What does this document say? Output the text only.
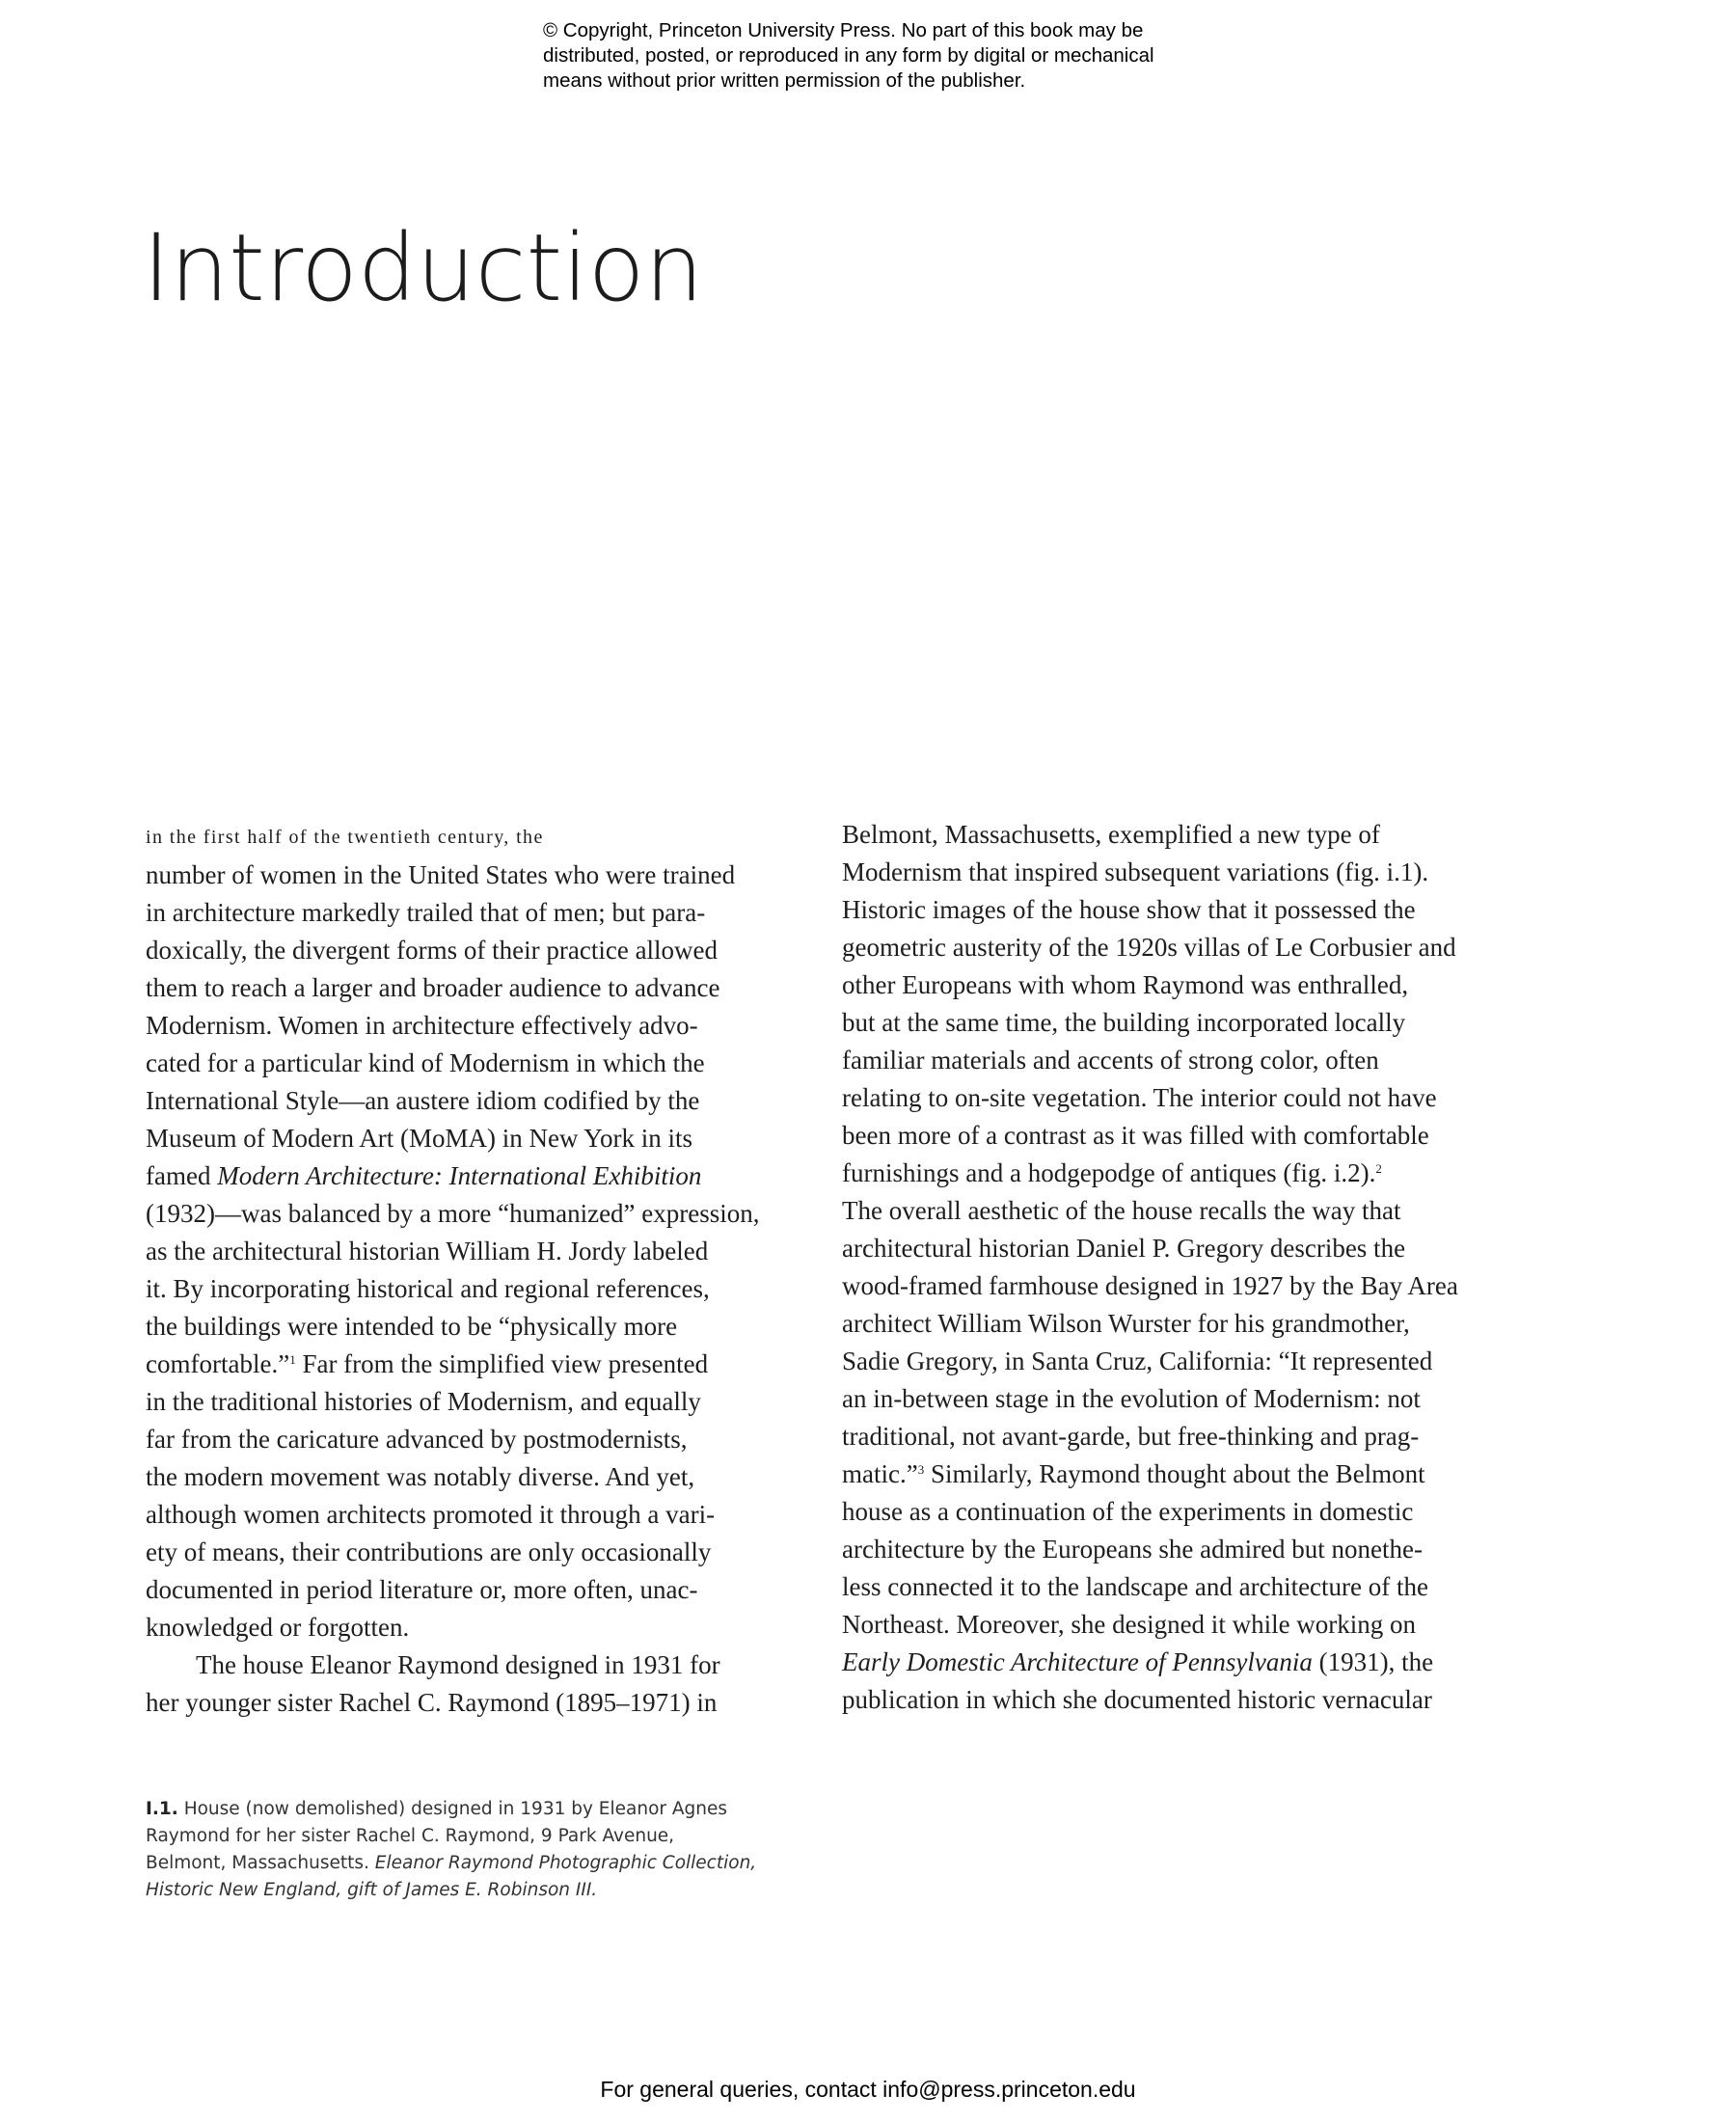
© Copyright, Princeton University Press. No part of this book may be
distributed, posted, or reproduced in any form by digital or mechanical
means without prior written permission of the publisher.
Introduction
in the first half of the twentieth century, the
number of women in the United States who were trained
in architecture markedly trailed that of men; but para-
doxically, the divergent forms of their practice allowed
them to reach a larger and broader audience to advance
Modernism. Women in architecture effectively advo-
cated for a particular kind of Modernism in which the
International Style—an austere idiom codified by the
Museum of Modern Art (MoMA) in New York in its
famed Modern Architecture: International Exhibition
(1932)—was balanced by a more “humanized” expression,
as the architectural historian William H. Jordy labeled
it. By incorporating historical and regional references,
the buildings were intended to be “physically more
comfortable.”$^1$ Far from the simplified view presented
in the traditional histories of Modernism, and equally
far from the caricature advanced by postmodernists,
the modern movement was notably diverse. And yet,
although women architects promoted it through a vari-
ety of means, their contributions are only occasionally
documented in period literature or, more often, unac-
knowledged or forgotten.
The house Eleanor Raymond designed in 1931 for
her younger sister Rachel C. Raymond (1895–1971) in
Belmont, Massachusetts, exemplified a new type of
Modernism that inspired subsequent variations (fig. i.1).
Historic images of the house show that it possessed the
geometric austerity of the 1920s villas of Le Corbusier and
other Europeans with whom Raymond was enthralled,
but at the same time, the building incorporated locally
familiar materials and accents of strong color, often
relating to on-site vegetation. The interior could not have
been more of a contrast as it was filled with comfortable
furnishings and a hodgepodge of antiques (fig. i.2).$^2$
The overall aesthetic of the house recalls the way that
architectural historian Daniel P. Gregory describes the
wood-framed farmhouse designed in 1927 by the Bay Area
architect William Wilson Wurster for his grandmother,
Sadie Gregory, in Santa Cruz, California: “It represented
an in-between stage in the evolution of Modernism: not
traditional, not avant-garde, but free-thinking and prag-
matic.”$^3$ Similarly, Raymond thought about the Belmont
house as a continuation of the experiments in domestic
architecture by the Europeans she admired but nonethe-
less connected it to the landscape and architecture of the
Northeast. Moreover, she designed it while working on
Early Domestic Architecture of Pennsylvania (1931), the
publication in which she documented historic vernacular
I.1. House (now demolished) designed in 1931 by Eleanor Agnes
Raymond for her sister Rachel C. Raymond, 9 Park Avenue,
Belmont, Massachusetts. Eleanor Raymond Photographic Collection,
Historic New England, gift of James E. Robinson III.
For general queries, contact info@press.princeton.edu
